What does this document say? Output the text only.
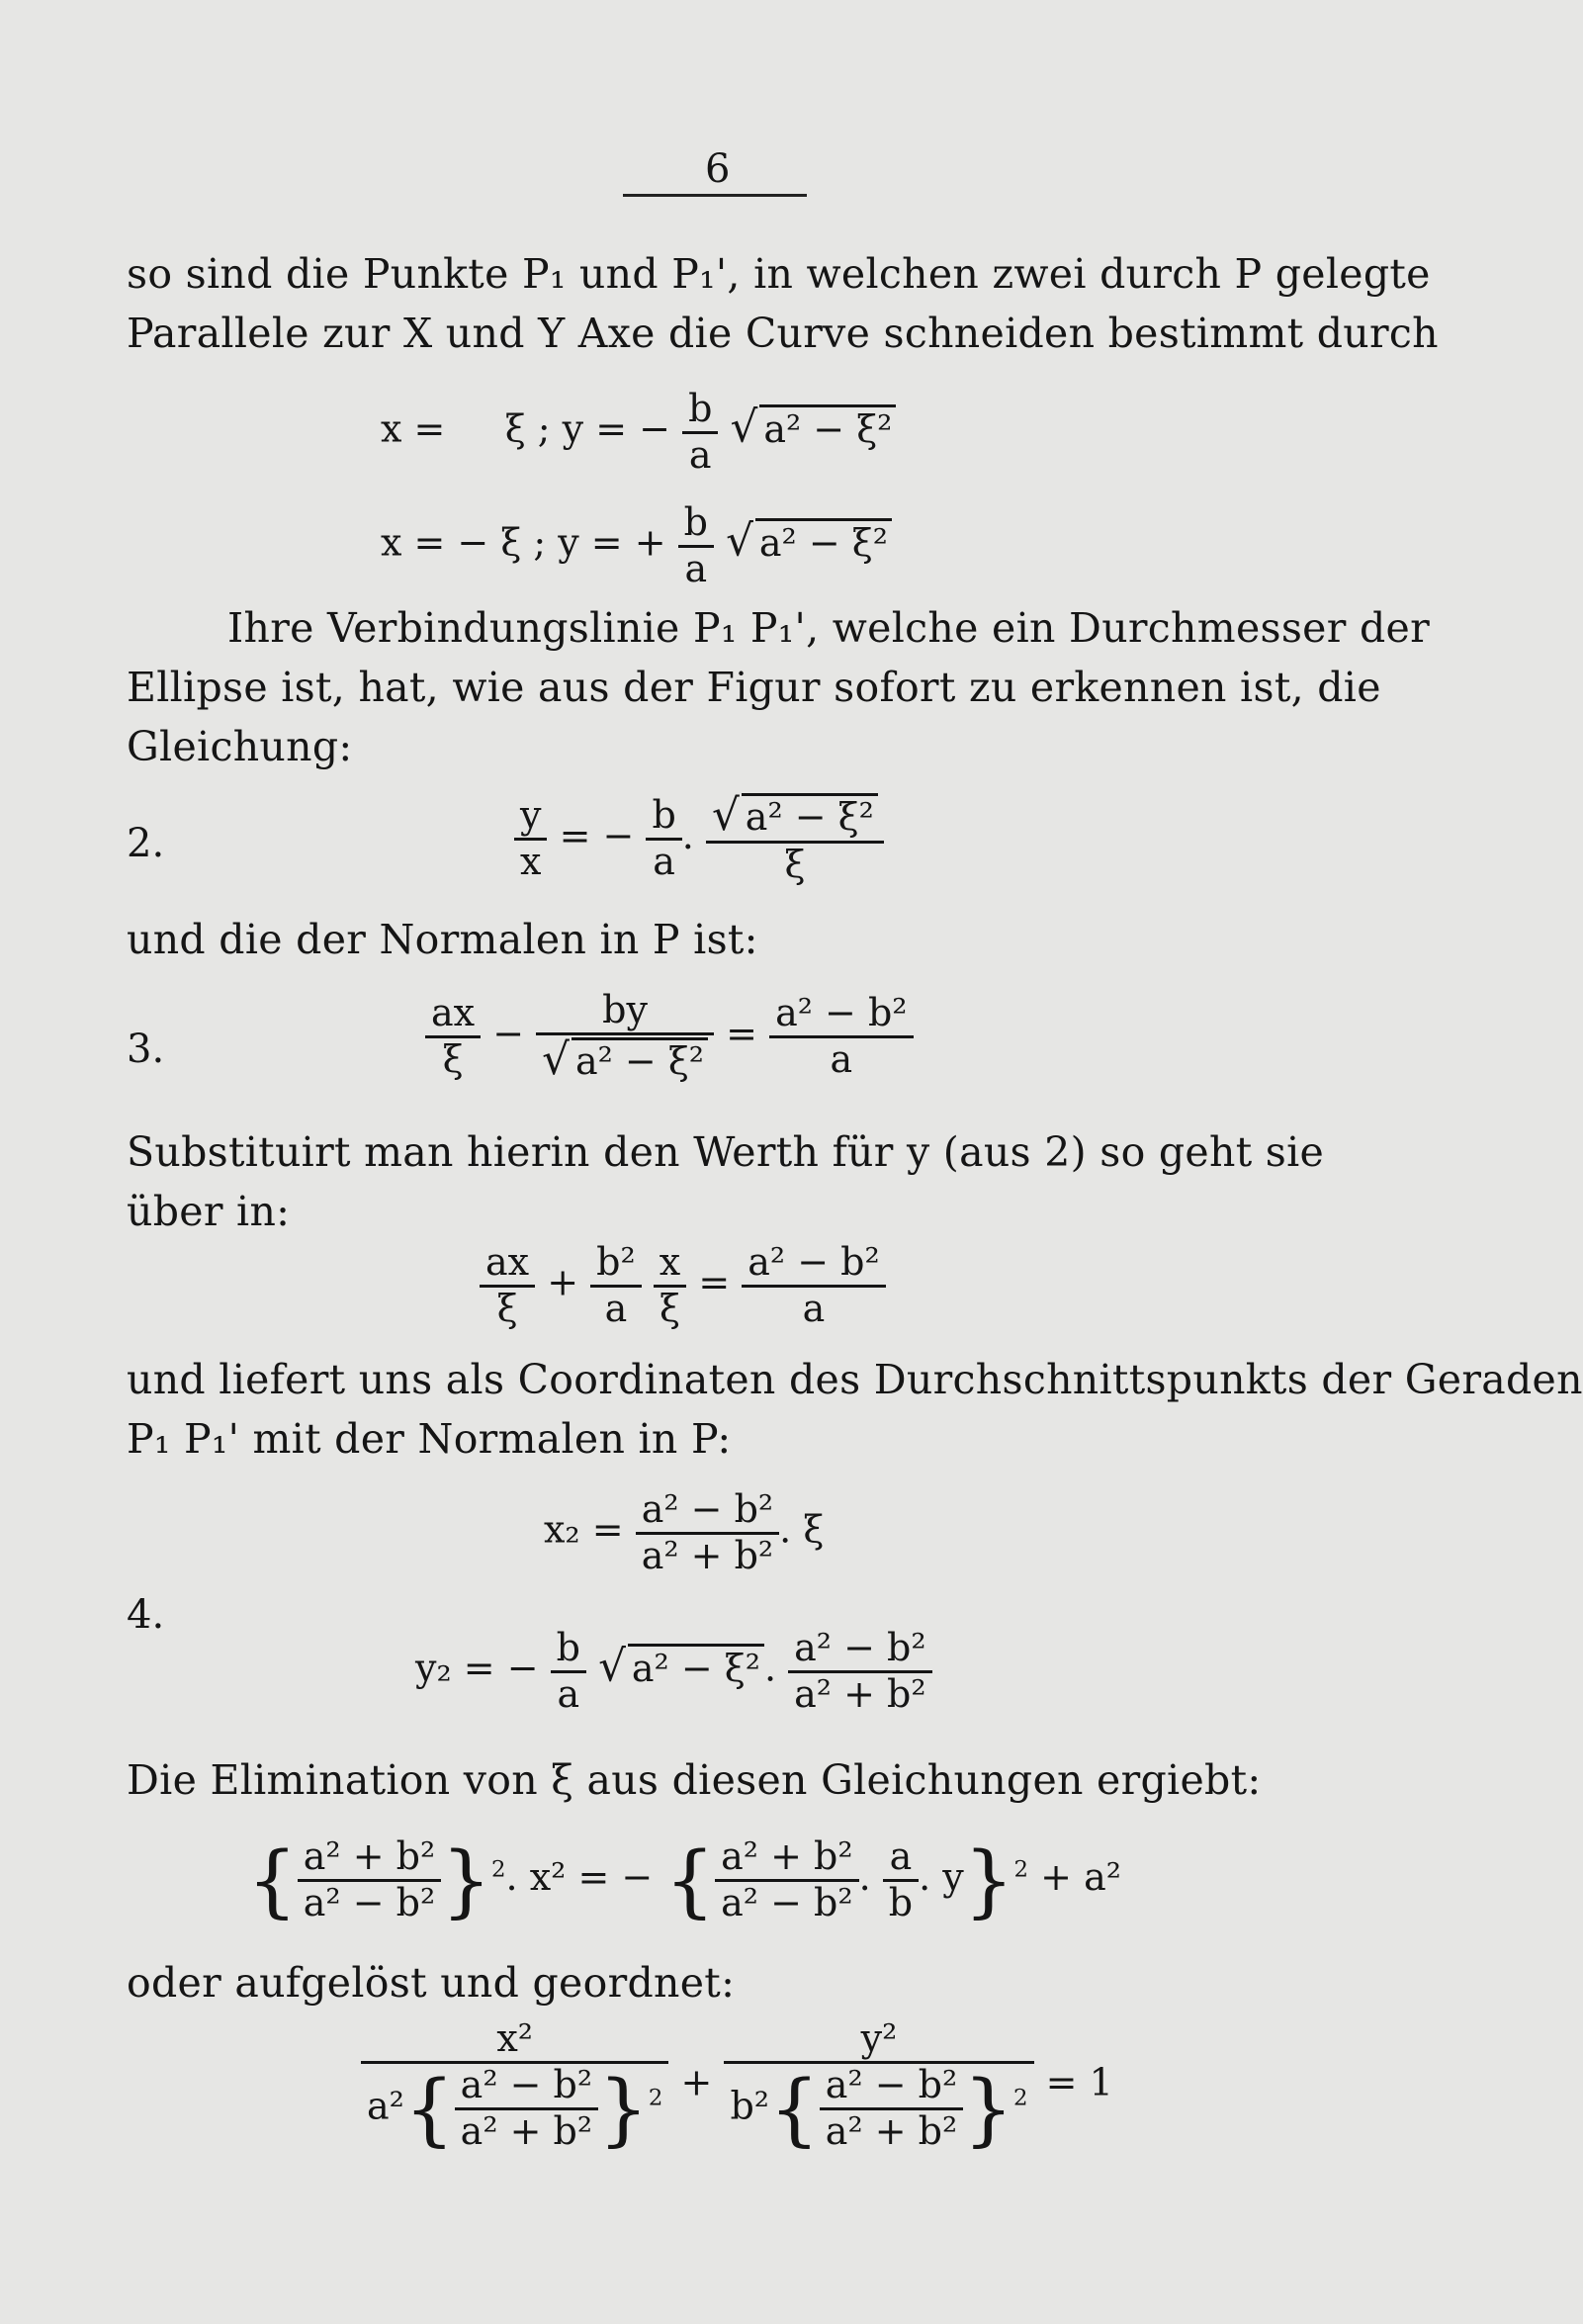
6
so sind die Punkte P₁ und P₁', in welchen zwei durch P gelegte
Parallele zur X und Y Axe die Curve schneiden bestimmt durch
x = ξ ; y = − $\frac{b}{a}$ √ a² − ξ²
x = − ξ ; y = + $\frac{b}{a}$ √ a² − ξ²
Ihre Verbindungslinie P₁ P₁', welche ein Durchmesser der
Ellipse ist, hat, wie aus der Figur sofort zu erkennen ist, die
Gleichung:
2.	$\frac{y}{x}$ = − $\frac{b}{a}$ . $\frac{\text{√ a² − ξ²}}{\xi}$
und die der Normalen in P ist:
3.	$\frac{ax}{\xi} - \frac{by}{\text{√ a² − ξ²}} = \frac{\text{a² − b²}}{a}$
Substituirt man hierin den Werth für y (aus 2) so geht sie
über in:
$\frac{ax}{\xi} + \frac{\text{b²}}{a}$
$\frac{x}{\xi} = \frac{\text{a² − b²}}{a}$
und liefert uns als Coordinaten des Durchschnittspunkts der Geraden
P₁ P₁' mit der Normalen in P:
4.
$x_2 = \frac{\text{a² − b²}}{\text{a² + b²}}$ . ξ
y₂ = − $\frac{b}{a}$ √ a² − ξ² . $\frac{\text{a² − b²}}{\text{a² + b²}}$
Die Elimination von ξ aus diesen Gleichungen ergiebt:
{ $\frac{\text{a² + b²}}{\text{a² − b²}} \}^2$. x² = − { $\frac{\text{a² + b²}}{\text{a² − b²}}$ . $\frac{a}{b}$ . y}$^2$ + a²
oder aufgelöst und geordnet:
$\frac{\text{x²}}{a^2\{ \frac{\text{a² − b²}}{\text{a² + b²}} \}^2} + \frac{\text{y²}}{b^2\{ \frac{\text{a² − b²}}{\text{a² + b²}} \}^2} = 1$
